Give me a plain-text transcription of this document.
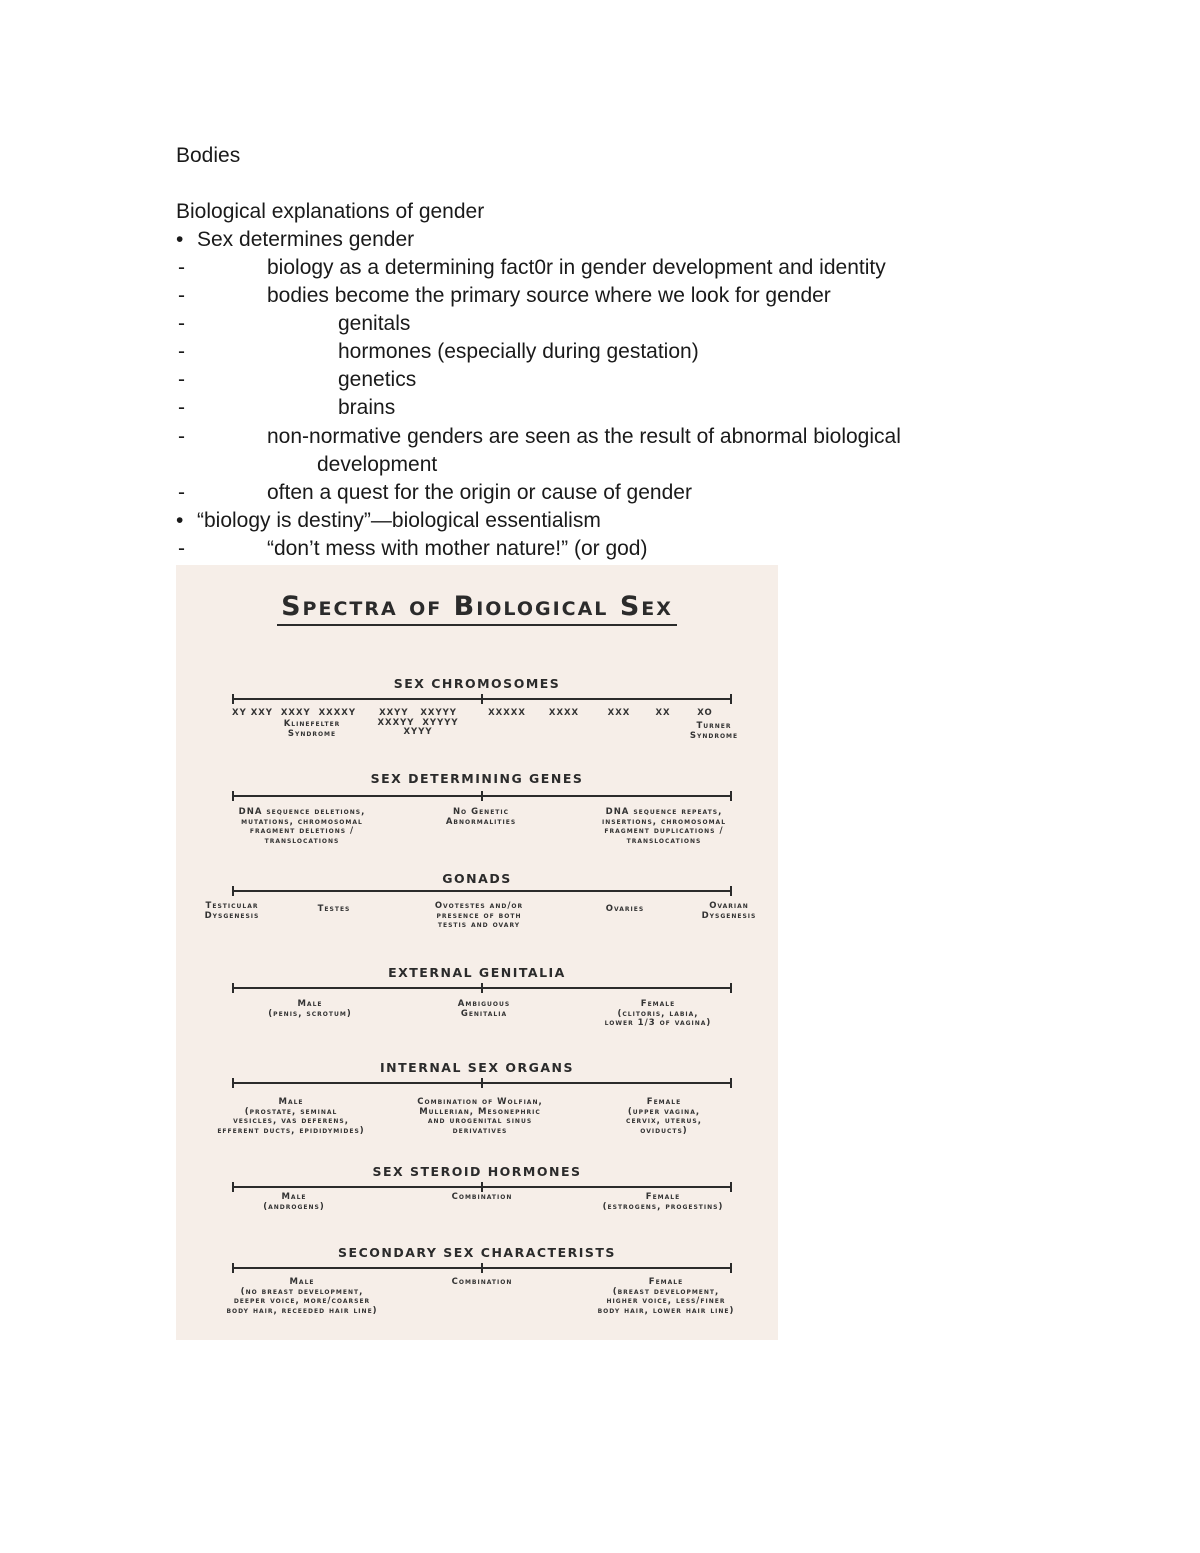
Bodies
Biological explanations of gender
• Sex determines gender
-	biology as a determining fact0r in gender development and identity
-	bodies become the primary source where we look for gender
-	genitals
-	hormones (especially during gestation)
-	genetics
-	brains
-	non-normative genders are seen as the result of abnormal biological
development
-	often a quest for the origin or cause of gender
• “biology is destiny”—biological essentialism
-	“don’t mess with mother nature!” (or god)
Spectra of Biological Sex
SEX CHROMOSOMES
XY XXY  XXXY  XXXXY
Klinefelter
Syndrome
XXYY   XXYYY
XXXYY  XYYYY
XYYY
XXXXX	XXXX	XXX	XX	XO
Turner
Syndrome
SEX DETERMINING GENES
DNA sequence deletions,
mutations, chromosomal
fragment deletions /
translocations
No Genetic
Abnormalities
DNA sequence repeats,
insertions, chromosomal
fragment duplications /
translocations
GONADS
Testicular
Dysgenesis
Testes	Ovotestes and/or
presence of both
testis and ovary
Ovaries	Ovarian
Dysgenesis
EXTERNAL GENITALIA
Male
(penis, scrotum)
Ambiguous
Genitalia
Female
(clitoris, labia,
lower 1/3 of vagina)
INTERNAL SEX ORGANS
Male
(prostate, seminal
vesicles, vas deferens,
efferent ducts, epididymides)
Combination of Wolfian,
Mullerian, Mesonephric
and urogenital sinus
derivatives
Female
(upper vagina,
cervix, uterus,
oviducts)
SEX STEROID HORMONES
Male
(androgens)
Combination	Female
(estrogens, progestins)
SECONDARY SEX CHARACTERISTS
Male
(no breast development,
deeper voice, more/coarser
body hair, receeded hair line)
Combination	Female
(breast development,
higher voice, less/finer
body hair, lower hair line)
